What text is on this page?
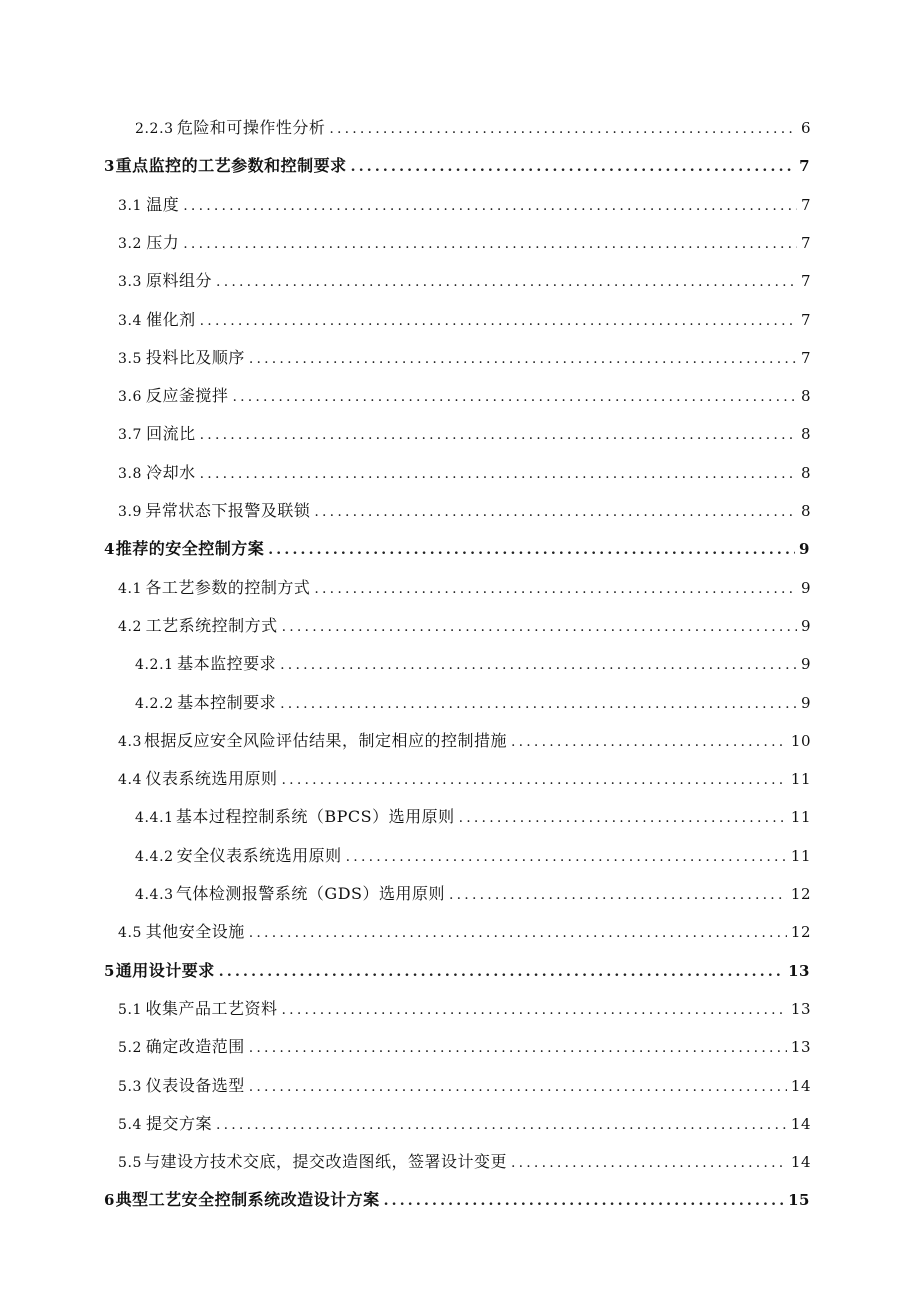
2.2.3 危险和可操作性分析 .....	6
3 重点监控的工艺参数和控制要求 .....	7
3.1 温度 .....	7
3.2 压力 .....	7
3.3 原料组分 .....	7
3.4 催化剂 .....	7
3.5 投料比及顺序 .....	7
3.6 反应釜搅拌 .....	8
3.7 回流比 .....	8
3.8 冷却水 .....	8
3.9 异常状态下报警及联锁 .....	8
4 推荐的安全控制方案 .....	9
4.1 各工艺参数的控制方式 .....	9
4.2 工艺系统控制方式 .....	9
4.2.1 基本监控要求 .....	9
4.2.2 基本控制要求 .....	9
4.3 根据反应安全风险评估结果，制定相应的控制措施 .....	10
4.4 仪表系统选用原则 .....	11
4.4.1 基本过程控制系统（BPCS）选用原则 .....	11
4.4.2 安全仪表系统选用原则 .....	11
4.4.3 气体检测报警系统（GDS）选用原则 .....	12
4.5 其他安全设施 .....	12
5 通用设计要求 .....	13
5.1 收集产品工艺资料 .....	13
5.2 确定改造范围 .....	13
5.3 仪表设备选型 .....	14
5.4 提交方案 .....	14
5.5 与建设方技术交底，提交改造图纸，签署设计变更 .....	14
6 典型工艺安全控制系统改造设计方案 .....	15
